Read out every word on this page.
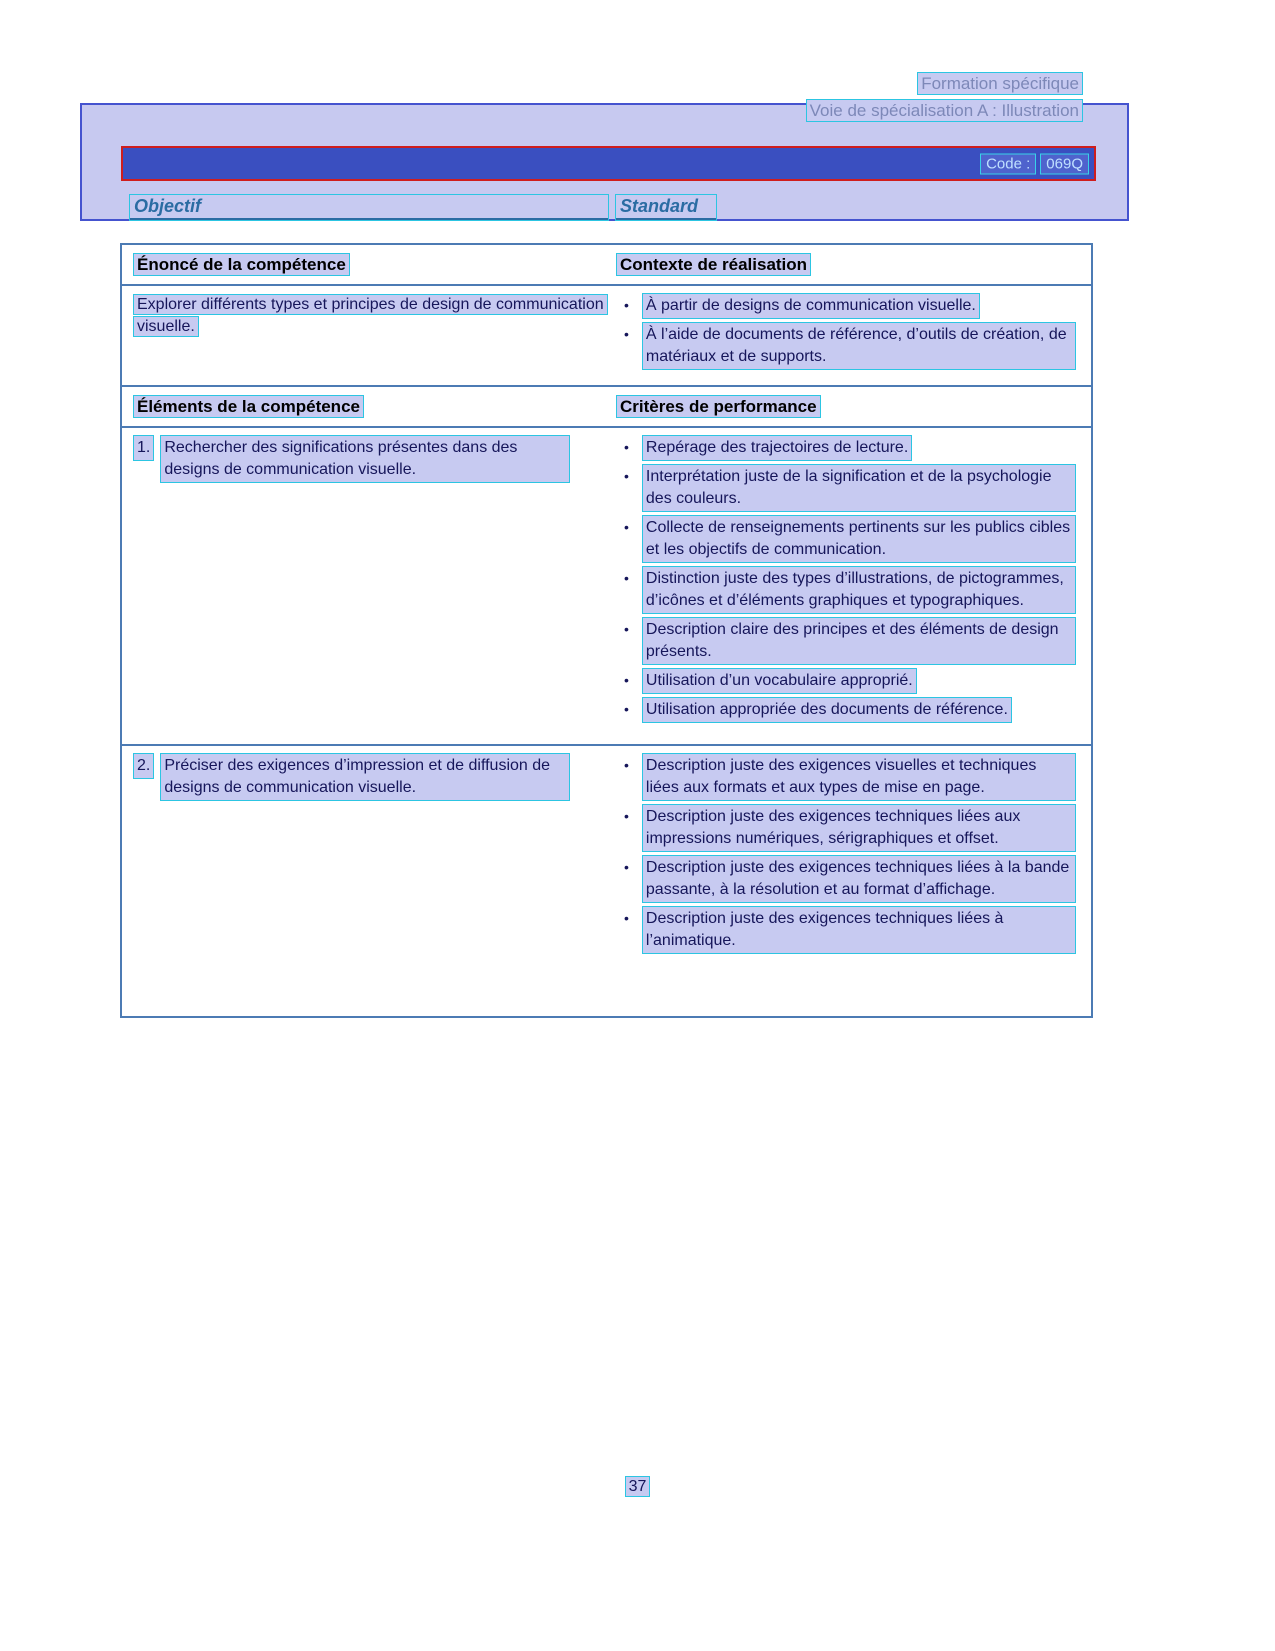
Formation spécifique
Voie de spécialisation A : Illustration
Code :	069Q
Objectif	Standard
Énoncé de la compétence	Contexte de réalisation
Explorer différents types et principes de design de communication visuelle.
• À partir de designs de communication visuelle.
• À l’aide de documents de référence, d’outils de création, de matériaux et de supports.
Éléments de la compétence	Critères de performance
1. Rechercher des significations présentes dans des designs de communication visuelle.
• Repérage des trajectoires de lecture.
• Interprétation juste de la signification et de la psychologie des couleurs.
• Collecte de renseignements pertinents sur les publics cibles et les objectifs de communication.
• Distinction juste des types d’illustrations, de pictogrammes, d’icônes et d’éléments graphiques et typographiques.
• Description claire des principes et des éléments de design présents.
• Utilisation d’un vocabulaire approprié.
• Utilisation appropriée des documents de référence.
2. Préciser des exigences d’impression et de diffusion de designs de communication visuelle.
• Description juste des exigences visuelles et techniques liées aux formats et aux types de mise en page.
• Description juste des exigences techniques liées aux impressions numériques, sérigraphiques et offset.
• Description juste des exigences techniques liées à la bande passante, à la résolution et au format d’affichage.
• Description juste des exigences techniques liées à l’animatique.
37
